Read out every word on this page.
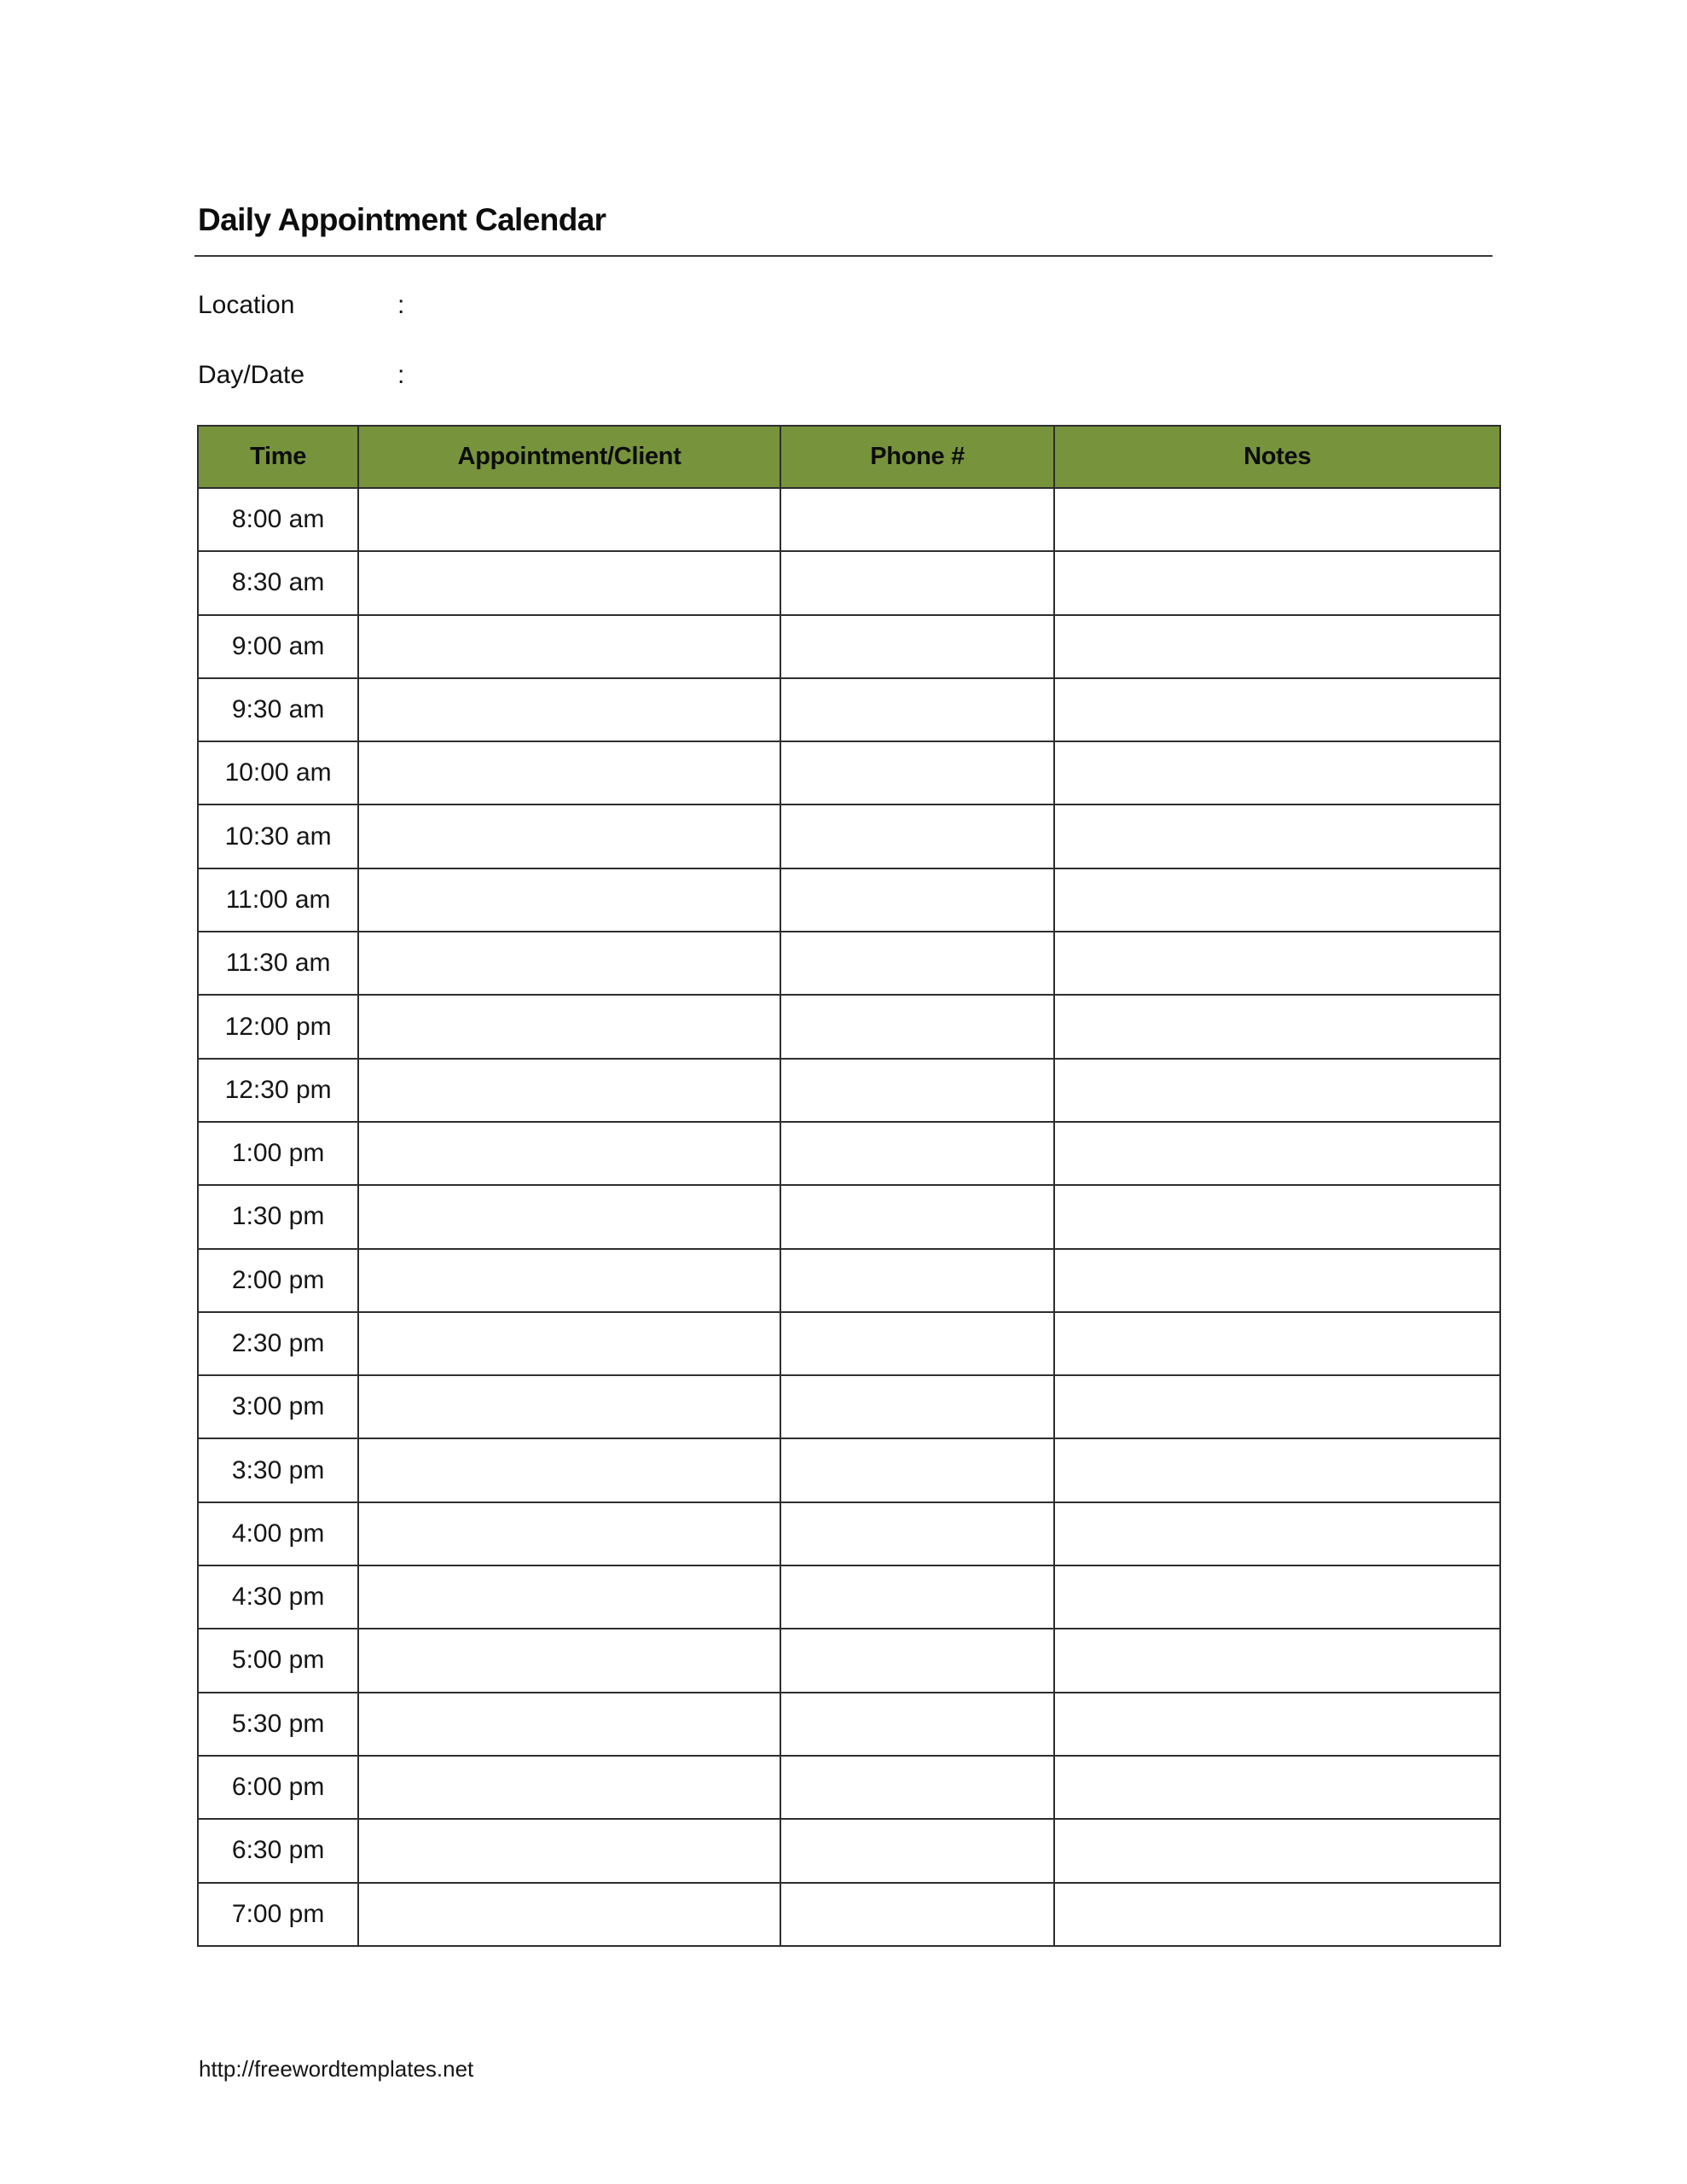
Daily Appointment Calendar
Location	:
Day/Date	:
Time	Appointment/Client	Phone #	Notes
8:00 am			
8:30 am			
9:00 am			
9:30 am			
10:00 am			
10:30 am			
11:00 am			
11:30 am			
12:00 pm			
12:30 pm			
1:00 pm			
1:30 pm			
2:00 pm			
2:30 pm			
3:00 pm			
3:30 pm			
4:00 pm			
4:30 pm			
5:00 pm			
5:30 pm			
6:00 pm			
6:30 pm			
7:00 pm			
http://freewordtemplates.net
